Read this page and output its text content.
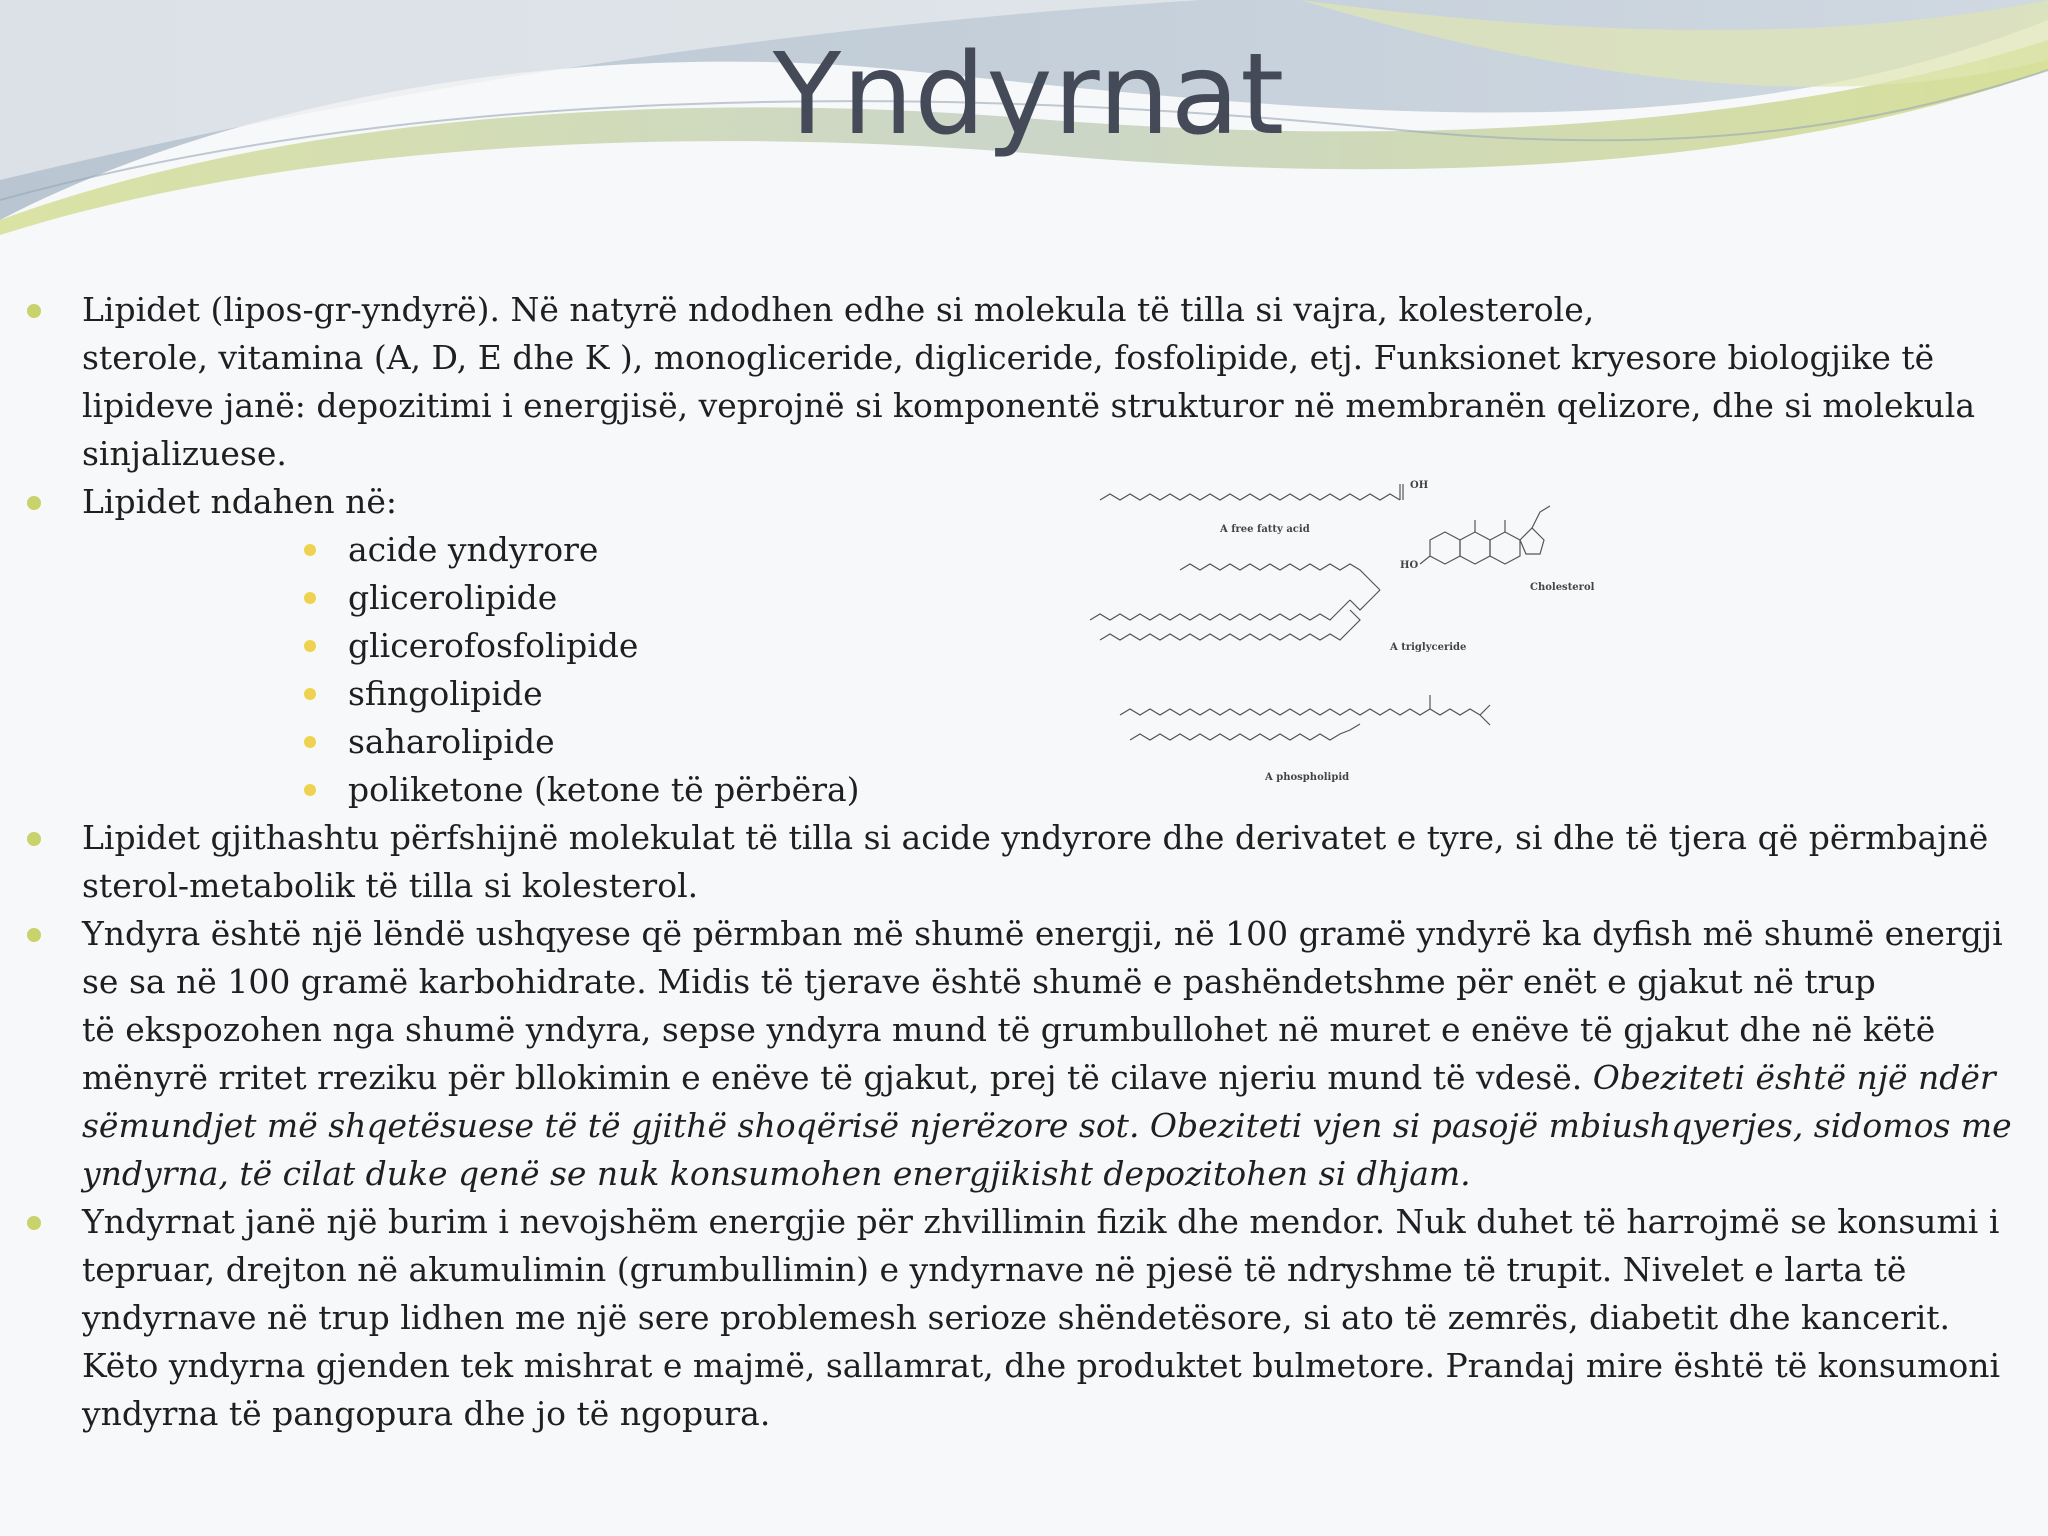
Yndyrnat
Lipidet (lipos-gr-yndyrë). Në natyrë ndodhen edhe si molekula të tilla si vajra, kolesterole,
sterole, vitamina (A, D, E dhe K ), monogliceride, digliceride, fosfolipide, etj. Funksionet kryesore biologjike të
lipideve janë: depozitimi i energjisë, veprojnë si komponentë strukturor në membranën qelizore, dhe si molekula
sinjalizuese.
Lipidet ndahen në:
acide yndyrore
glicerolipide
glicerofosfolipide
sfingolipide
saharolipide
poliketone (ketone të përbëra)
A free fatty acid
OH
HO
Cholesterol
A triglyceride
A phospholipid
Lipidet gjithashtu përfshijnë molekulat të tilla si acide yndyrore dhe derivatet e tyre, si dhe të tjera që përmbajnë
sterol-metabolik të tilla si kolesterol.
Yndyra është një lëndë ushqyese që përmban më shumë energji, në 100 gramë yndyrë ka dyfish më shumë energji
se sa në 100 gramë karbohidrate. Midis të tjerave është shumë e pashëndetshme për enët e gjakut në trup
të ekspozohen nga shumë yndyra, sepse yndyra mund të grumbullohet në muret e enëve të gjakut dhe në këtë
mënyrë rritet rreziku për bllokimin e enëve të gjakut, prej të cilave njeriu mund të vdesë. Obeziteti është një ndër
sëmundjet më shqetësuese të të gjithë shoqërisë njerëzore sot. Obeziteti vjen si pasojë mbiushqyerjes, sidomos me
yndyrna, të cilat duke qenë se nuk konsumohen energjikisht depozitohen si dhjam.
Yndyrnat janë një burim i nevojshëm energjie për zhvillimin fizik dhe mendor. Nuk duhet të harrojmë se konsumi i
tepruar, drejton në akumulimin (grumbullimin) e yndyrnave në pjesë të ndryshme të trupit. Nivelet e larta të
yndyrnave në trup lidhen me një sere problemesh serioze shëndetësore, si ato të zemrës, diabetit dhe kancerit.
Këto yndyrna gjenden tek mishrat e majmë, sallamrat, dhe produktet bulmetore. Prandaj mire është të konsumoni
yndyrna të pangopura dhe jo të ngopura.
